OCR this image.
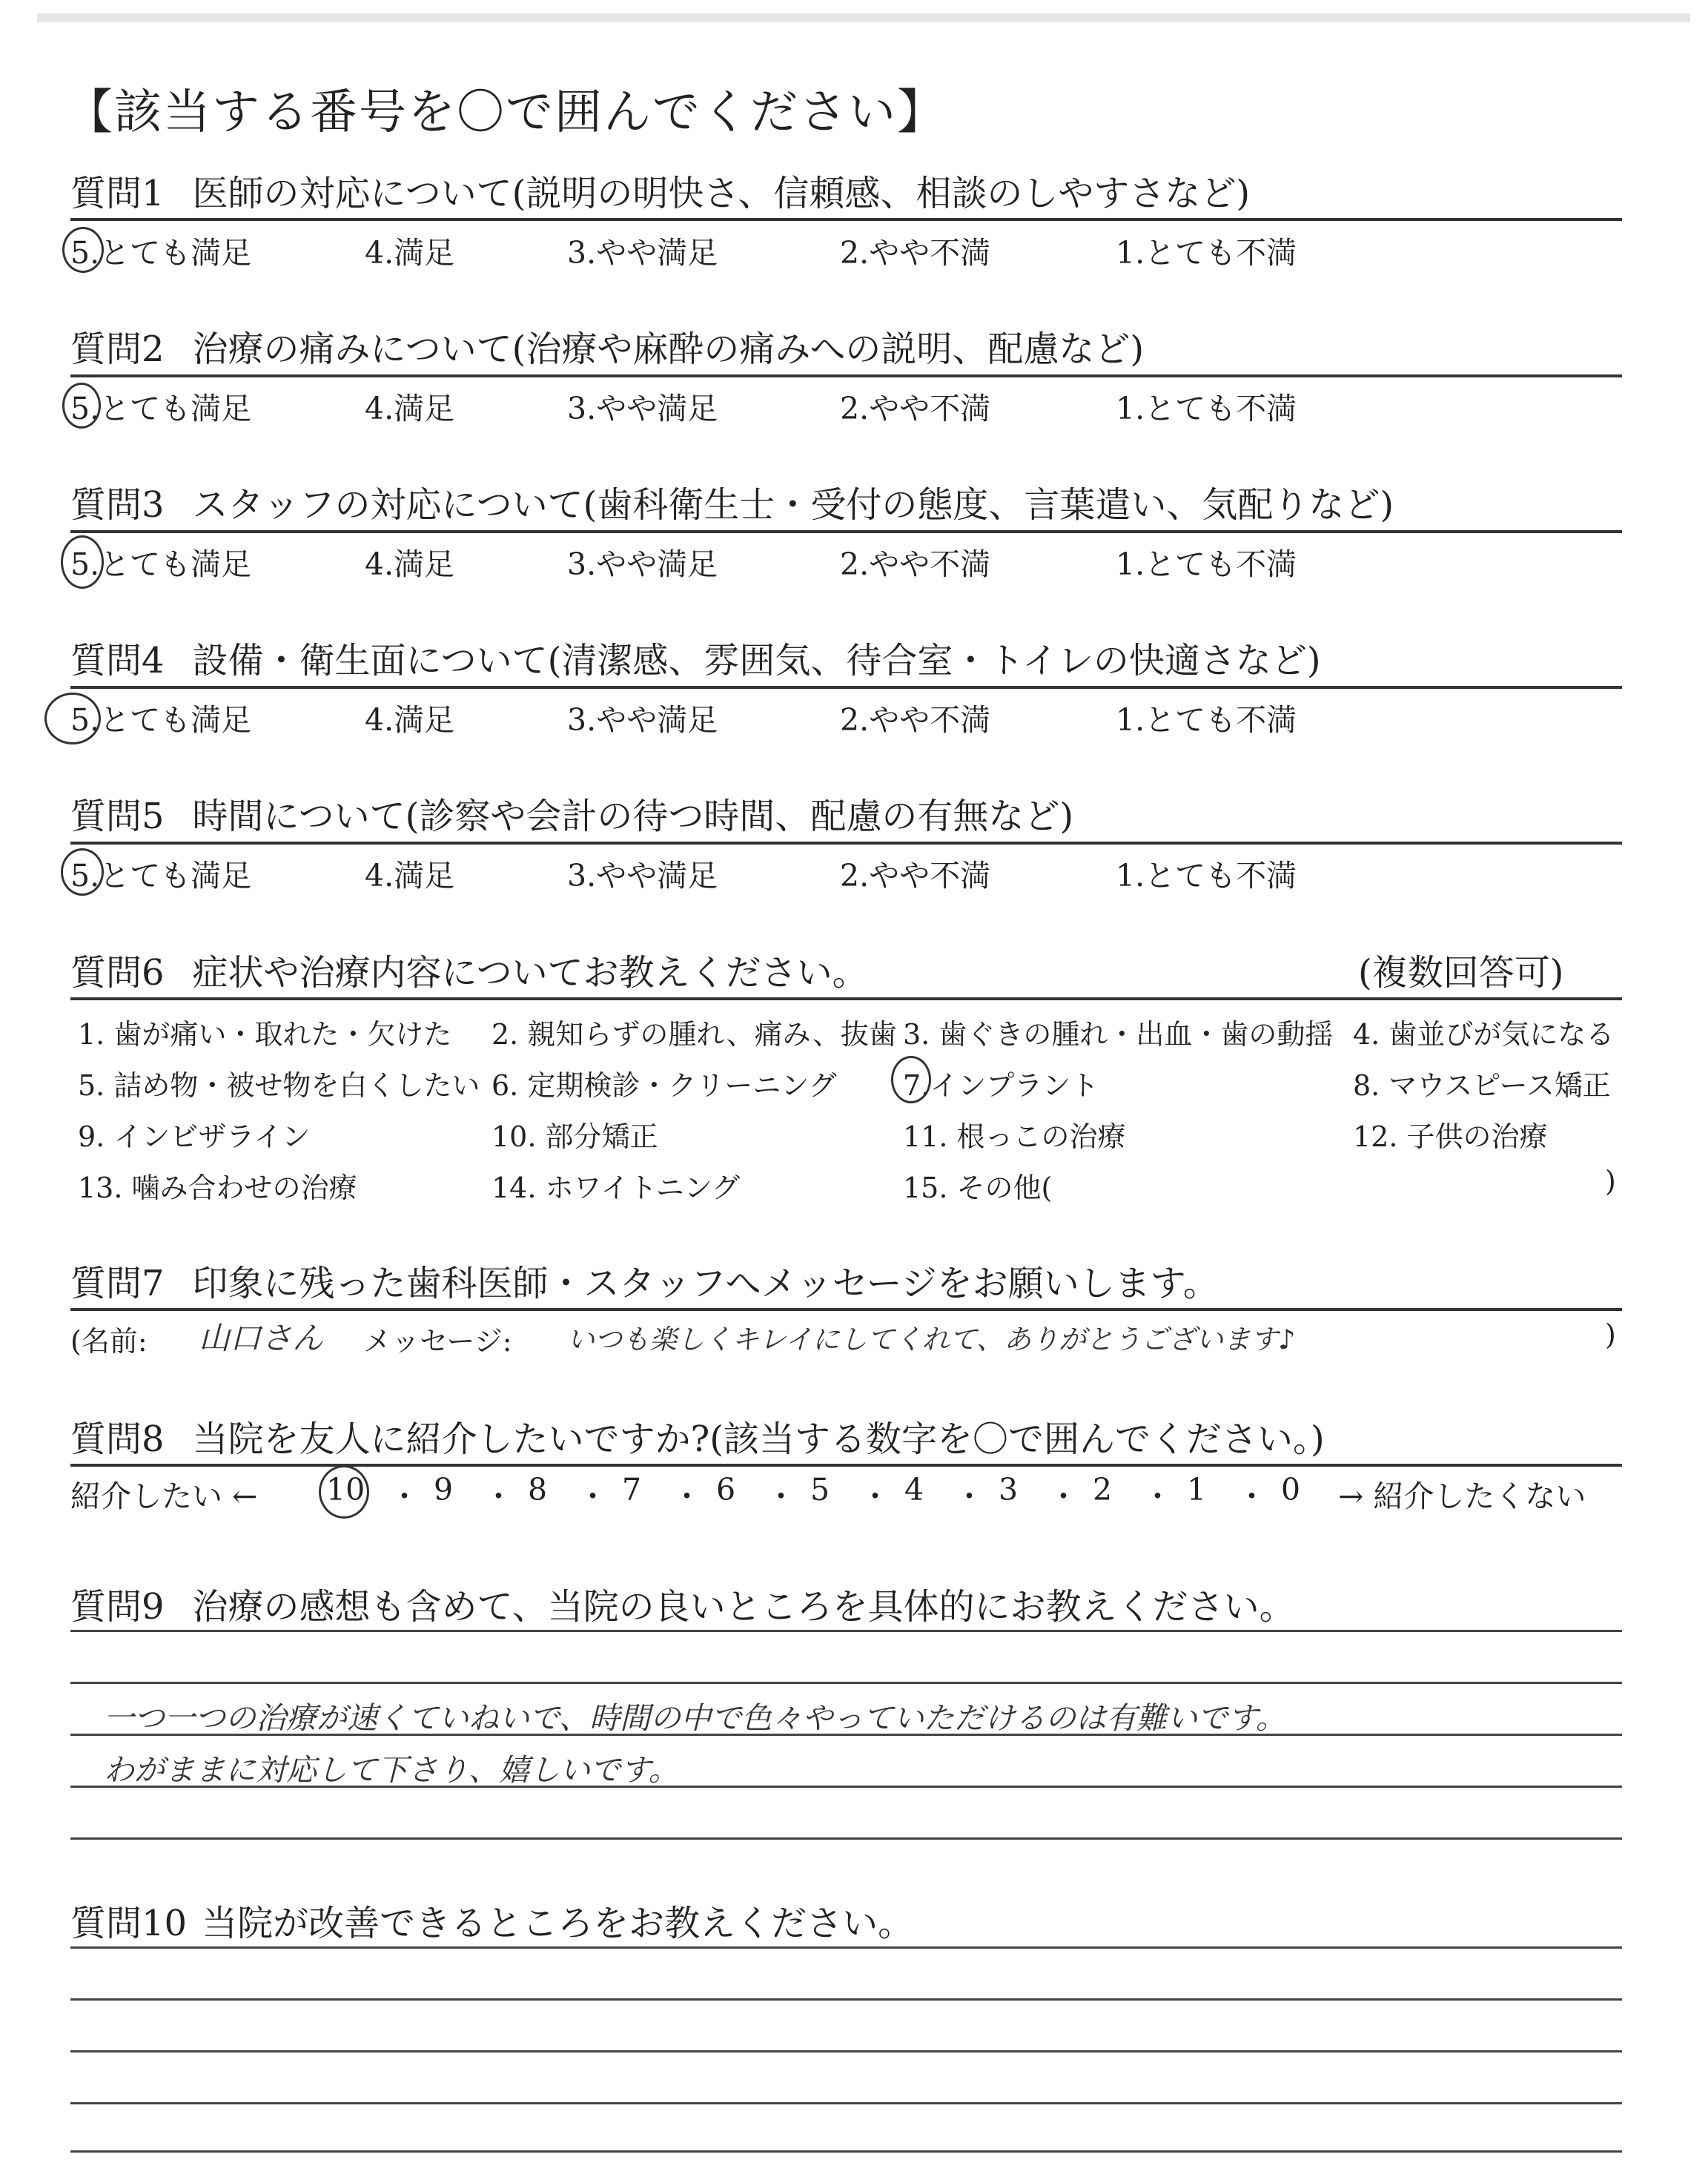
【該当する番号を〇で囲んでください】
質問1 医師の対応について(説明の明快さ、信頼感、相談のしやすさなど)
5.とても満足	4.満足	3.やや満足	2.やや不満	1.とても不満
質問2 治療の痛みについて(治療や麻酔の痛みへの説明、配慮など)
5.とても満足	4.満足	3.やや満足	2.やや不満	1.とても不満
質問3 スタッフの対応について(歯科衛生士・受付の態度、言葉遣い、気配りなど)
5.とても満足	4.満足	3.やや満足	2.やや不満	1.とても不満
質問4 設備・衛生面について(清潔感、雰囲気、待合室・トイレの快適さなど)
5.とても満足	4.満足	3.やや満足	2.やや不満	1.とても不満
質問5 時間について(診察や会計の待つ時間、配慮の有無など)
5.とても満足	4.満足	3.やや満足	2.やや不満	1.とても不満
質問6 症状や治療内容についてお教えください。	(複数回答可)
1. 歯が痛い・取れた・欠けた 2. 親知らずの腫れ、痛み、抜歯 3. 歯ぐきの腫れ・出血・歯の動揺 4. 歯並びが気になる
5. 詰め物・被せ物を白くしたい 6. 定期検診・クリーニング 7.インプラント	8. マウスピース矯正
9. インビザライン	10. 部分矯正	11. 根っこの治療	12. 子供の治療
13. 噛み合わせの治療	14. ホワイトニング	15. その他(	)
質問7 印象に残った歯科医師・スタッフへメッセージをお願いします。
(名前: 山口さん メッセージ: いつも楽しくキレイにしてくれて、ありがとうございます♪	)
質問8 当院を友人に紹介したいですか?(該当する数字を〇で囲んでください。)
紹介したい ← 10 ・ 9 ・ 8 ・ 7 ・ 6 ・ 5 ・ 4 ・ 3 ・ 2 ・ 1 ・ 0 → 紹介したくない
質問9 治療の感想も含めて、当院の良いところを具体的にお教えください。
一つ一つの治療が速くていねいで、時間の中で色々やっていただけるのは有難いです。
わがままに対応して下さり、嬉しいです。
質問10 当院が改善できるところをお教えください。
